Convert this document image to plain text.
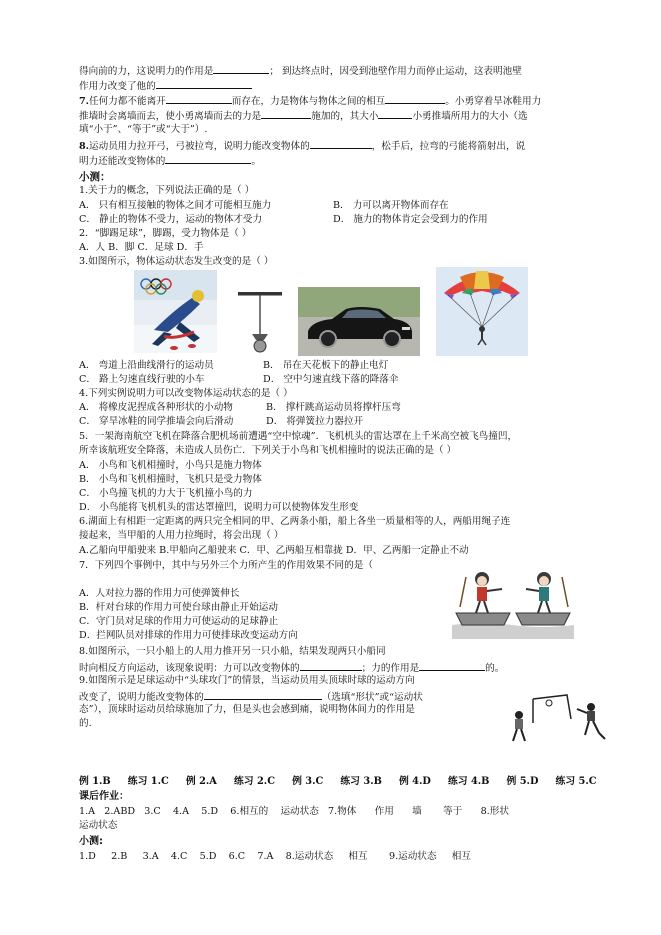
得向前的力，这说明力的作用是	； 到达终点时，因受到池壁作用力而停止运动，这表明池壁
作用力改变了他的
7.任何力都不能离开	而存在，力是物体与物体之间的相互	。小勇穿着旱冰鞋用力
推墙时会离墙而去，使小勇离墙而去的力是	施加的，其大小	小勇推墙所用力的大小（选
填“小于”、“等于”或“大于”）.
8.运动员用力拉开弓，弓被拉弯，说明力能改变物体的	，松手后，拉弯的弓能将箭射出，说
明力还能改变物体的	。
小测：
1.关于力的概念，下列说法正确的是（ ）
A． 只有相互接触的物体之间才可能相互施力	B． 力可以离开物体而存在
C． 静止的物体不受力，运动的物体才受力	D． 施力的物体肯定会受到力的作用
2．“脚踢足球”，脚踢，受力物体是（ ）
A．人 B．脚 C．足球 D．手
3.如图所示，物体运动状态发生改变的是（ ）
A． 弯道上沿曲线滑行的运动员	B． 吊在天花板下的静止电灯
C． 路上匀速直线行驶的小车	D． 空中匀速直线下落的降落伞
4.下列实例说明力可以改变物体运动状态的是（ ）
A． 将橡皮泥捏成各种形状的小动物	B． 撑杆跳高运动员将撑杆压弯
C． 穿旱冰鞋的同学推墙会向后滑动	D． 将弹簧拉力器拉开
5．一架海南航空飞机在降落合肥机场前遭遇“空中惊魂”．飞机机头的雷达罩在上千米高空被飞鸟撞凹，
所幸该航班安全降落，未造成人员伤亡．下列关于小鸟和飞机相撞时的说法正确的是（ ）
A． 小鸟和飞机相撞时，小鸟只是施力物体
B． 小鸟和飞机相撞时，飞机只是受力物体
C． 小鸟撞飞机的力大于飞机撞小鸟的力
D． 小鸟能将飞机机头的雷达罩撞凹，说明力可以使物体发生形变
6.湖面上有相距一定距离的两只完全相同的甲、乙两条小船，船上各坐一质量相等的人，两船用绳子连
接起来，当甲船的人用力拉绳时，将会出现（ ）
A.乙船向甲船驶来 B.甲船向乙船驶来 C．甲、乙两船互相靠拢 D．甲、乙两船一定静止不动
7．下列四个事例中，其中与另外三个力所产生的作用效果不同的是（
A．人对拉力器的作用力可使弹簧伸长
B．杆对台球的作用力可使台球由静止开始运动
C．守门员对足球的作用力可使运动的足球静止
D．拦网队员对排球的作用力可使排球改变运动方向
8.如图所示，一只小船上的人用力推开另一只小船，结果发现两只小船同
时向相反方向运动，该现象说明：力可以改变物体的	；力的作用是	的。
9.如图所示是足球运动中“头球攻门”的情景，当运动员用头顶球时球的运动方向
改变了，说明力能改变物体的	（选填“形状”或“运动状
态”），顶球时运动员给球施加了力，但是头也会感到痛，说明物体间力的作用是
的.
例 1.B 练习 1.C 例 2.A 练习 2.C 例 3.C 练习 3.B 例 4.D 练习 4.B 例 5.D 练习 5.C
课后作业：
1.A 2.ABD 3.C 4.A 5.D 6.相互的 运动状态 7.物体 作用 墙 等于 8.形状
运动状态
小测:
1.D 2.B 3.A 4.C 5.D 6.C 7.A 8.运动状态 相互 9.运动状态 相互
